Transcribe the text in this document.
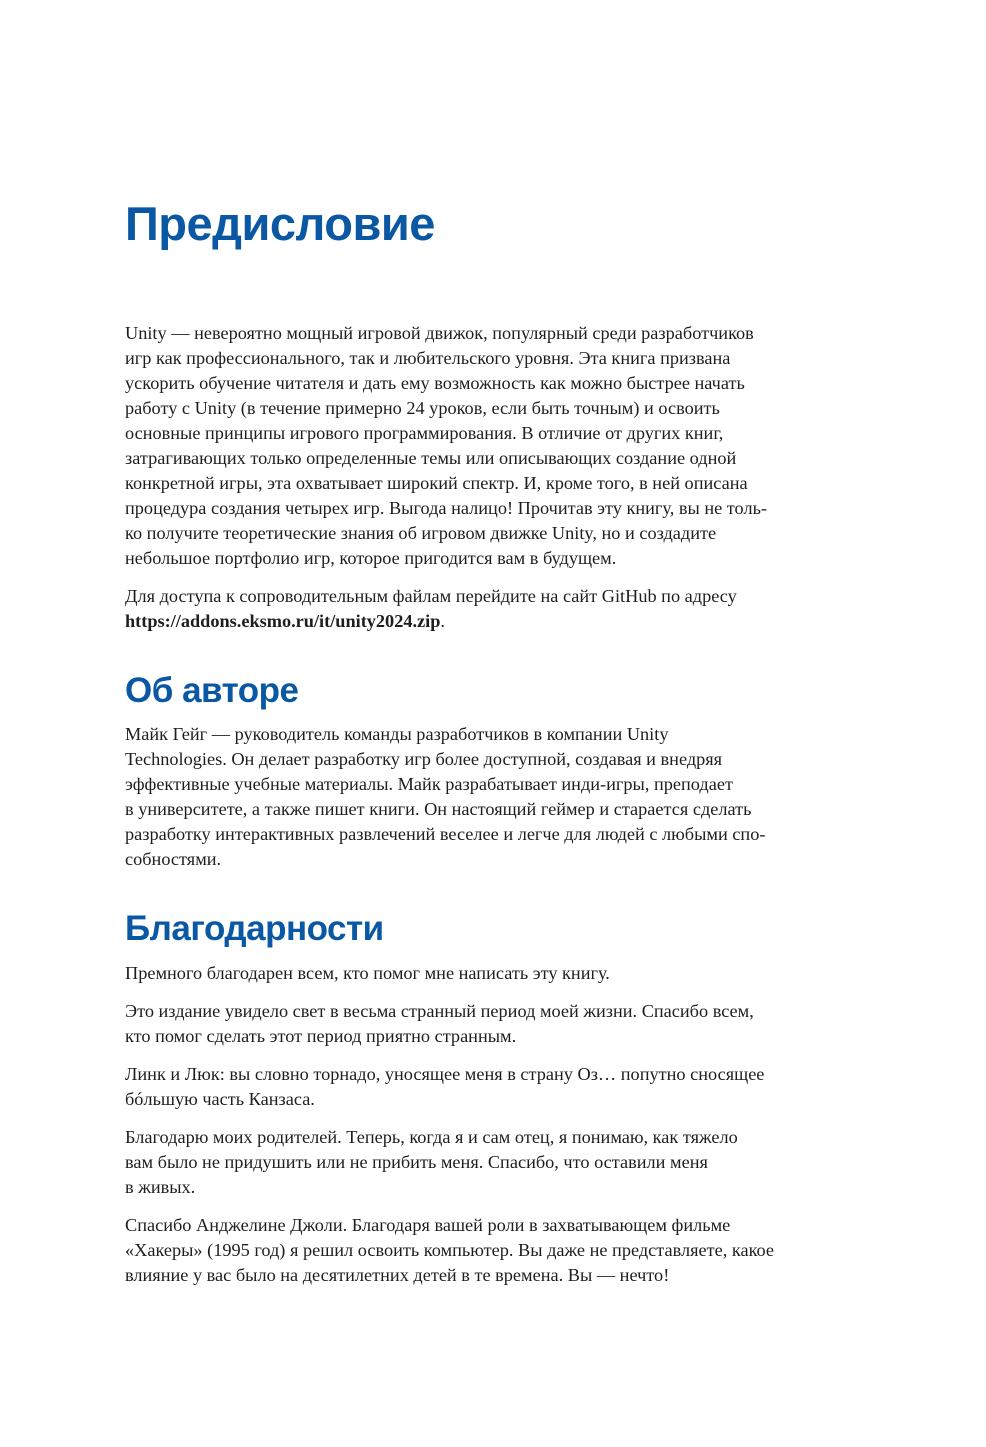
Предисловие

Unity — невероятно мощный игровой движок, популярный среди разработчиков
игр как профессионального, так и любительского уровня. Эта книга призвана
ускорить обучение читателя и дать ему возможность как можно быстрее начать
работу с Unity (в течение примерно 24 уроков, если быть точным) и освоить
основные принципы игрового программирования. В отличие от других книг,
затрагивающих только определенные темы или описывающих создание одной
конкретной игры, эта охватывает широкий спектр. И, кроме того, в ней описана
процедура создания четырех игр. Выгода налицо! Прочитав эту книгу, вы не толь-
ко получите теоретические знания об игровом движке Unity, но и создадите
небольшое портфолио игр, которое пригодится вам в будущем.

Для доступа к сопроводительным файлам перейдите на сайт GitHub по адресу
https://addons.eksmo.ru/it/unity2024.zip.

Об авторе

Майк Гейг — руководитель команды разработчиков в компании Unity
Technologies. Он делает разработку игр более доступной, создавая и внедряя
эффективные учебные материалы. Майк разрабатывает инди-игры, преподает
в университете, а также пишет книги. Он настоящий геймер и старается сделать
разработку интерактивных развлечений веселее и легче для людей с любыми спо-
собностями.

Благодарности

Премного благодарен всем, кто помог мне написать эту книгу.

Это издание увидело свет в весьма странный период моей жизни. Спасибо всем,
кто помог сделать этот период приятно странным.

Линк и Люк: вы словно торнадо, уносящее меня в страну Оз… попутно сносящее
бóльшую часть Канзаса.

Благодарю моих родителей. Теперь, когда я и сам отец, я понимаю, как тяжело
вам было не придушить или не прибить меня. Спасибо, что оставили меня
в живых.

Спасибо Анджелине Джоли. Благодаря вашей роли в захватывающем фильме
«Хакеры» (1995 год) я решил освоить компьютер. Вы даже не представляете, какое
влияние у вас было на десятилетних детей в те времена. Вы — нечто!
